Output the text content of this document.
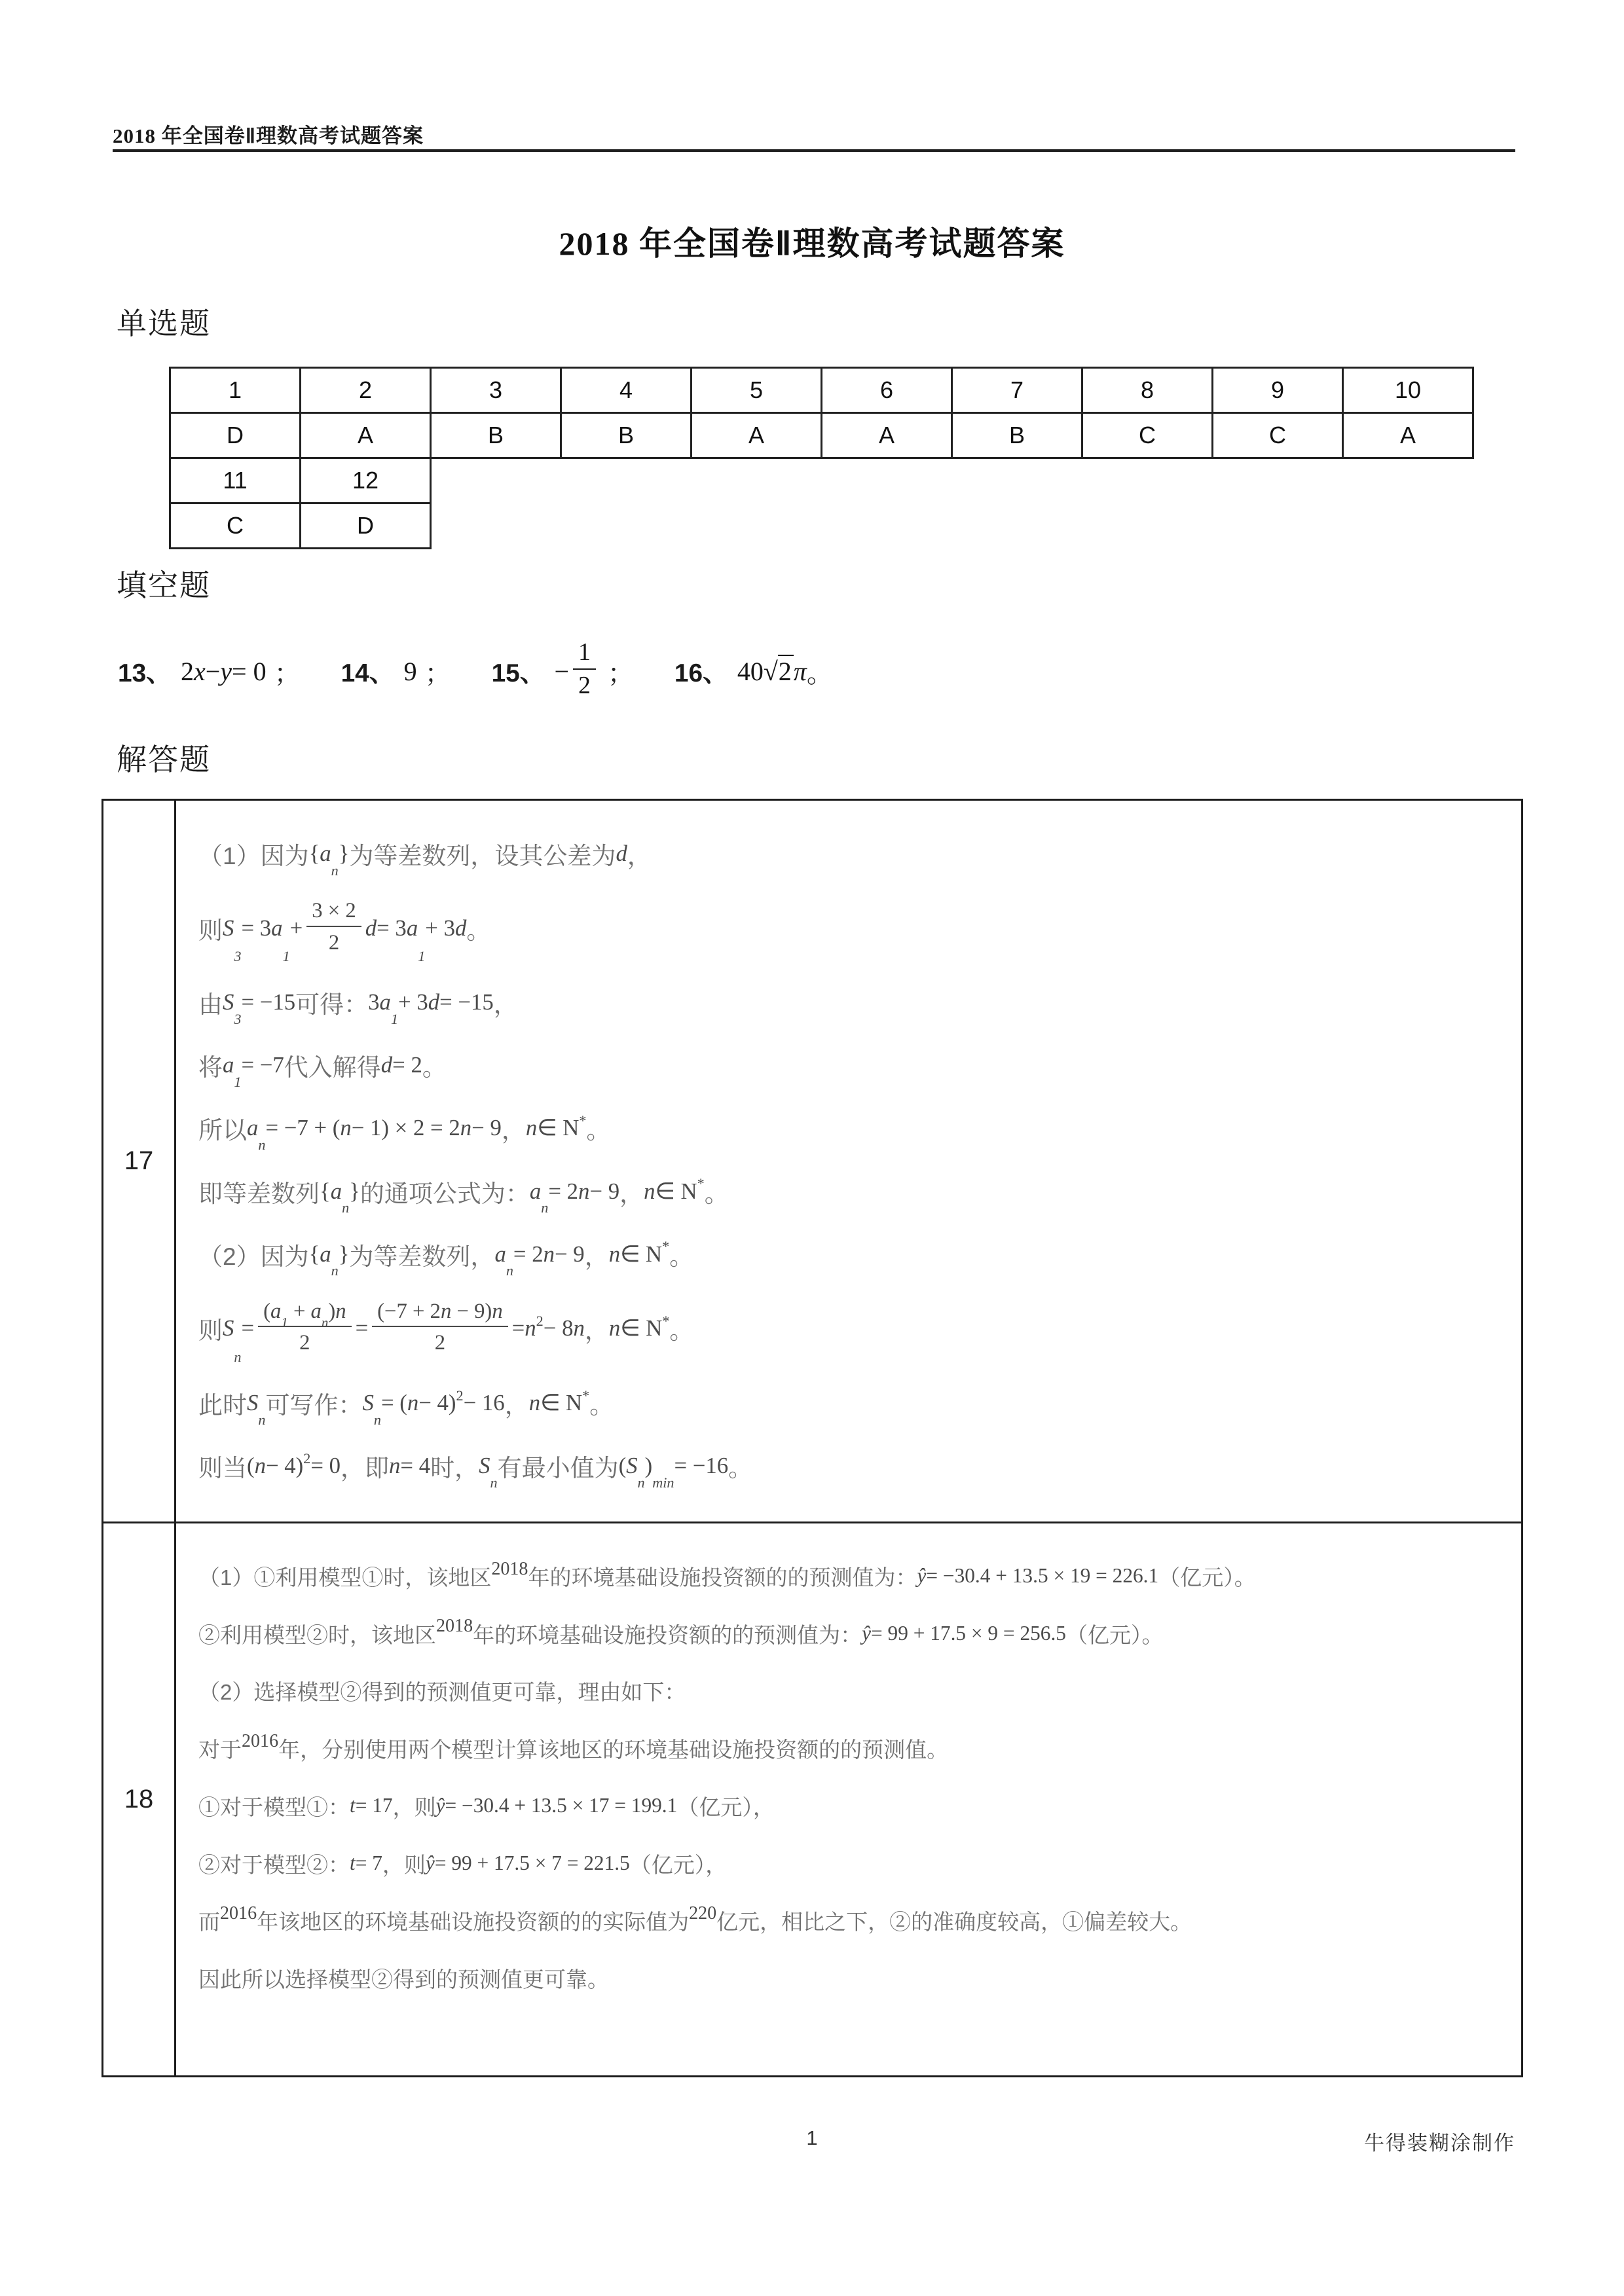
2018 年全国卷Ⅱ理数高考试题答案
2018 年全国卷Ⅱ理数高考试题答案
单选题
1	2	3	4	5	6	7	8	9	10
D	A	B	B	A	A	B	C	C	A
11	12								
C	D								
填空题
13、 2 x − y = 0 ； 14、 9 ； 15、 − $\frac{1}{2}$ ； 16、 40 √2 π 。
解答题
17
（1）因为 { a
n
} 为等差数列，设其公差为 d ，
则 S
3
= 3 a
1
+ $\frac{3 \times 2}{2}$ d = 3 a
1
+ 3 d 。
由 S
3
= −15 可得： 3 a
1
+ 3 d = −15 ，
将 a
1
= −7 代入解得 d = 2 。
所以 a
n
= −7 + ( n − 1) × 2 = 2 n − 9 ， n ∈ N * 。
即等差数列 { a
n
} 的通项公式为： a
n
= 2 n − 9 ， n ∈ N * 。
（2）因为 { a
n
} 为等差数列， a
n
= 2 n − 9 ， n ∈ N * 。
则 S
n
= $\frac{(a_1 + a_n)n}{2} = \frac{(-7 + 2n - 9)n}{2} = n$ 2 − 8 n ， n ∈ N * 。
此时 S
n
可写作： S
n
= ( n − 4) 2 − 16 ， n ∈ N * 。
则当 ( n − 4) 2 = 0 ，即 n = 4 时， S
n
有最小值为 ( S
n
)
min
= −16 。
18
（1）①利用模型①时，该地区 2018 年的环境基础设施投资额的的预测值为： ŷ = −30.4 + 13.5 × 19 = 226.1 （亿元）。
②利用模型②时，该地区 2018 年的环境基础设施投资额的的预测值为： ŷ = 99 + 17.5 × 9 = 256.5 （亿元）。
（2）选择模型②得到的预测值更可靠，理由如下：
对于 2016 年，分别使用两个模型计算该地区的环境基础设施投资额的的预测值。
①对于模型①： t = 17 ，则 ŷ = −30.4 + 13.5 × 17 = 199.1 （亿元），
②对于模型②： t = 7 ，则 ŷ = 99 + 17.5 × 7 = 221.5 （亿元），
而 2016 年该地区的环境基础设施投资额的的实际值为 220 亿元，相比之下，②的准确度较高，①偏差较大。
因此所以选择模型②得到的预测值更可靠。
1	牛得装糊涂制作
